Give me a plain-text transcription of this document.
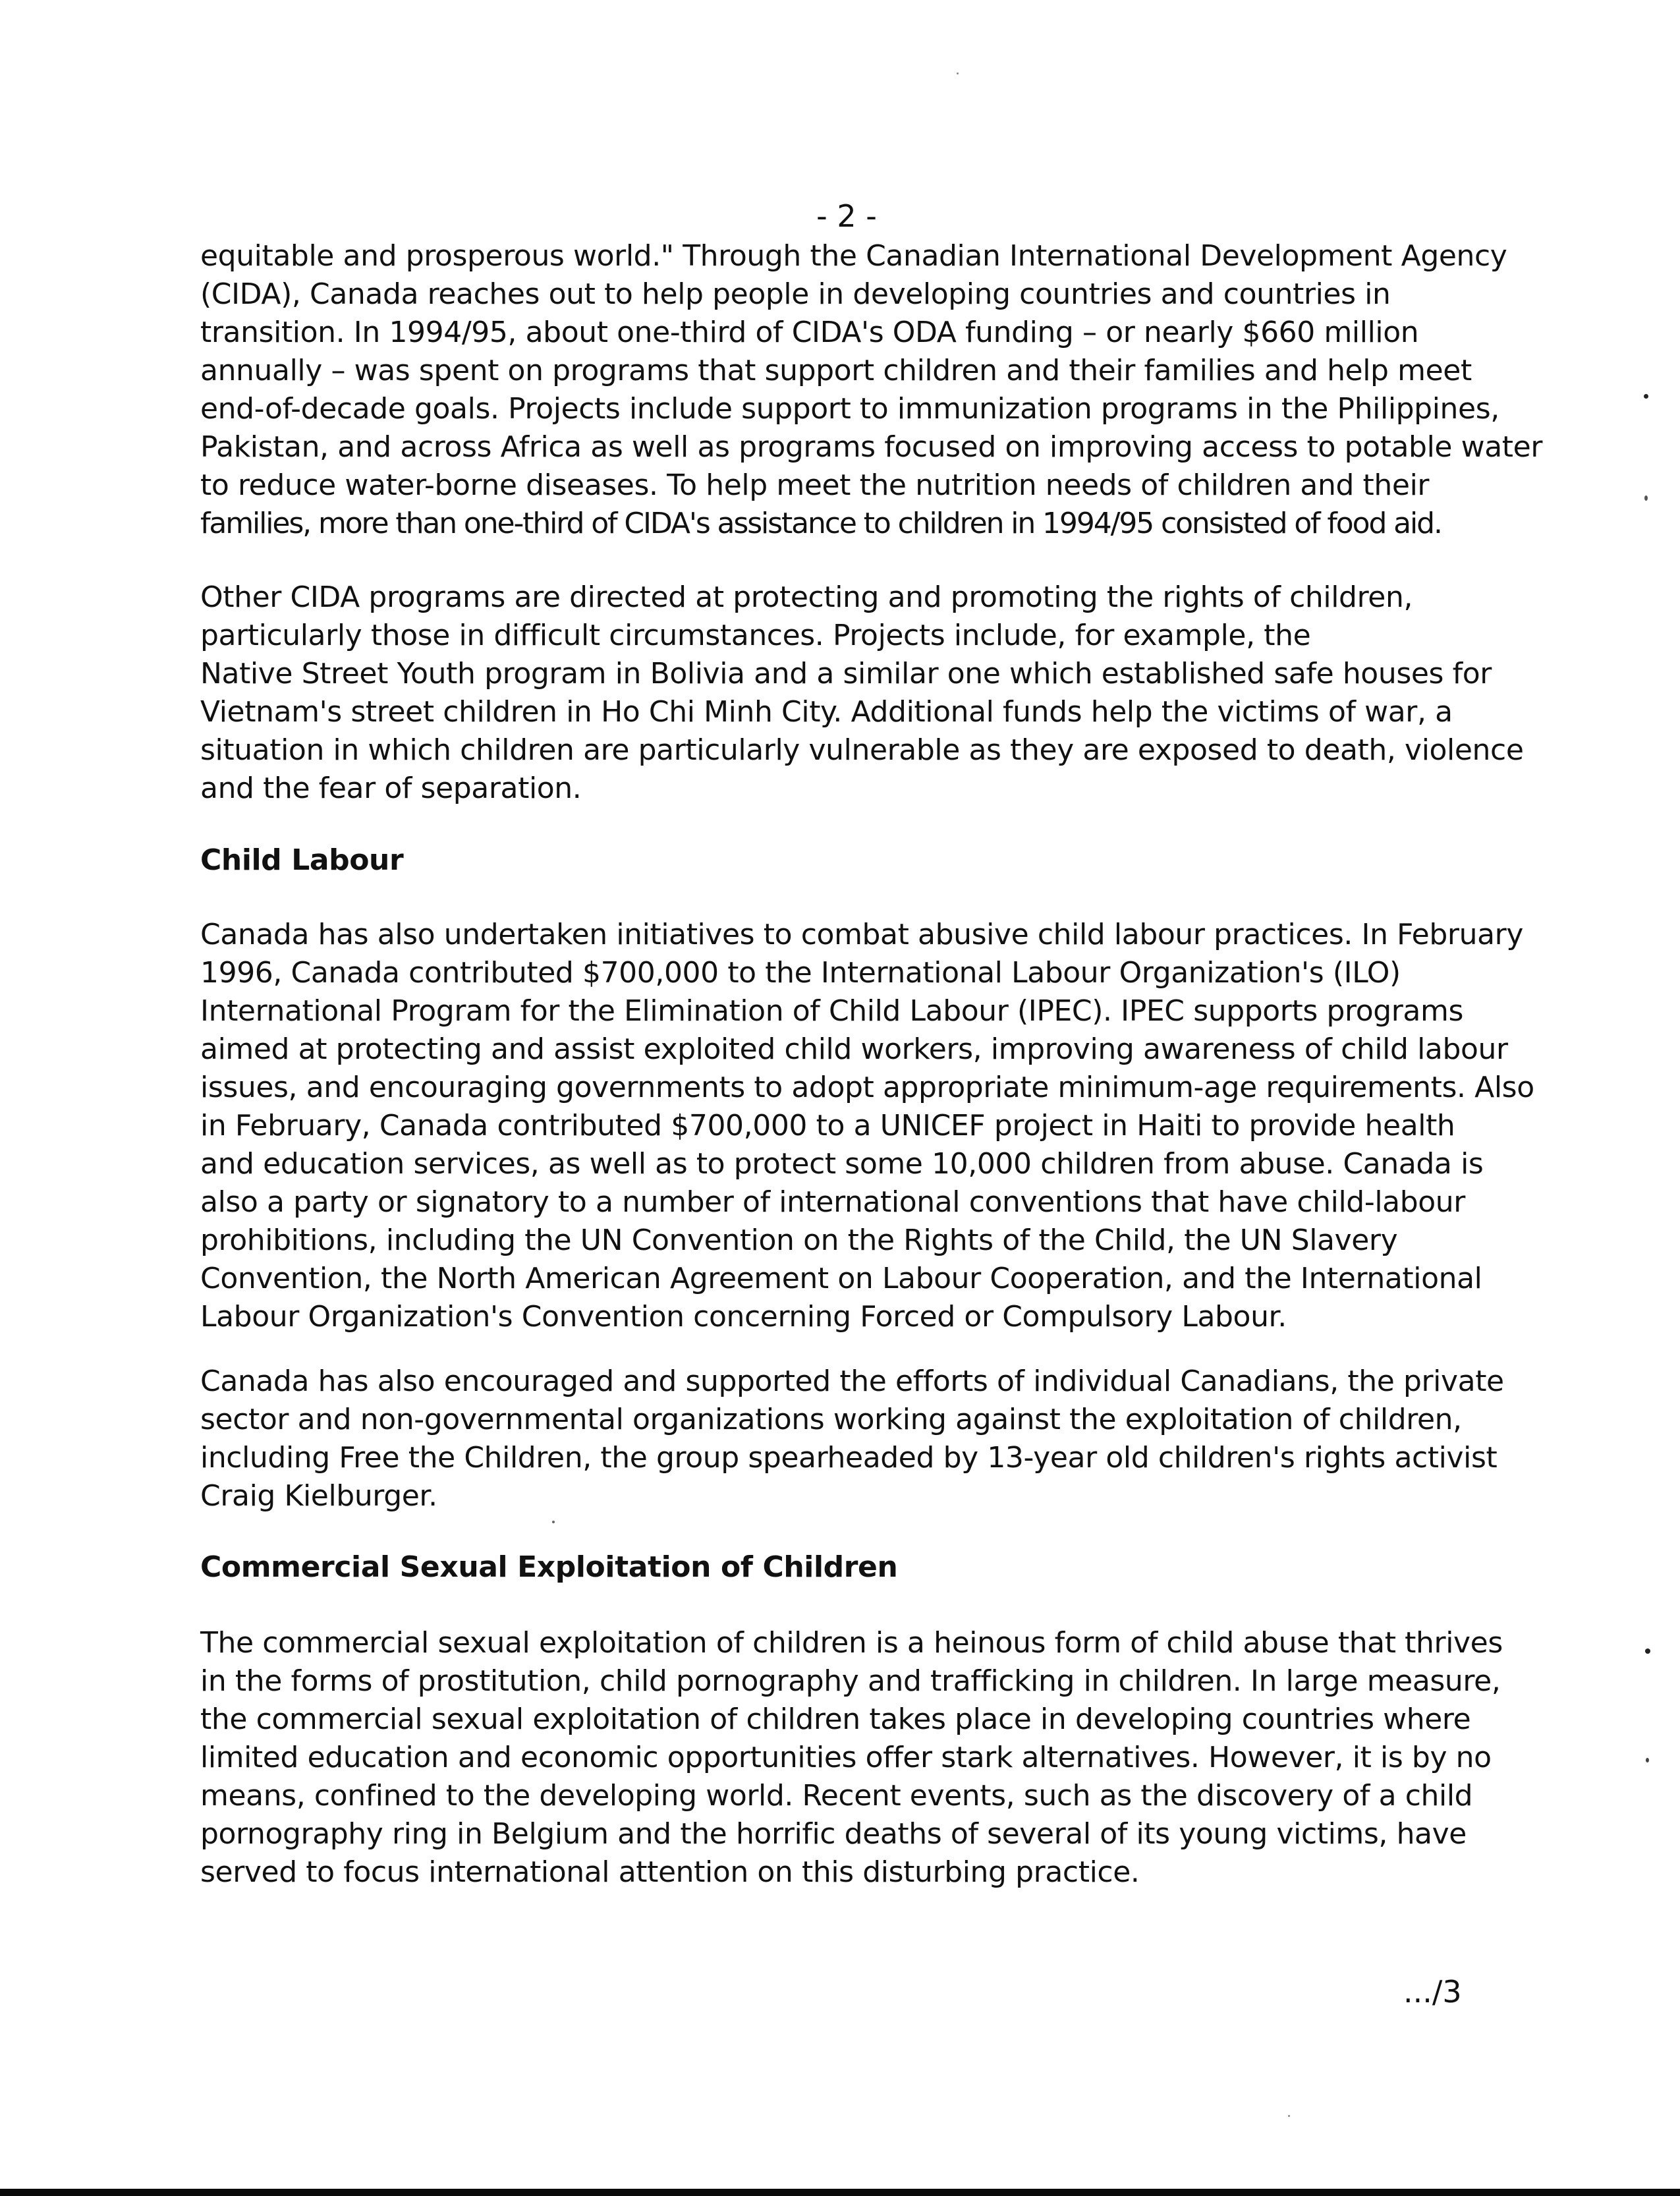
- 2 -

equitable and prosperous world." Through the Canadian International Development Agency
(CIDA), Canada reaches out to help people in developing countries and countries in
transition. In 1994/95, about one-third of CIDA's ODA funding – or nearly $660 million
annually – was spent on programs that support children and their families and help meet
end-of-decade goals. Projects include support to immunization programs in the Philippines,
Pakistan, and across Africa as well as programs focused on improving access to potable water
to reduce water-borne diseases. To help meet the nutrition needs of children and their
families, more than one-third of CIDA's assistance to children in 1994/95 consisted of food aid.

Other CIDA programs are directed at protecting and promoting the rights of children,
particularly those in difficult circumstances. Projects include, for example, the
Native Street Youth program in Bolivia and a similar one which established safe houses for
Vietnam's street children in Ho Chi Minh City. Additional funds help the victims of war, a
situation in which children are particularly vulnerable as they are exposed to death, violence
and the fear of separation.

Child Labour

Canada has also undertaken initiatives to combat abusive child labour practices. In February
1996, Canada contributed $700,000 to the International Labour Organization's (ILO)
International Program for the Elimination of Child Labour (IPEC). IPEC supports programs
aimed at protecting and assist exploited child workers, improving awareness of child labour
issues, and encouraging governments to adopt appropriate minimum-age requirements. Also
in February, Canada contributed $700,000 to a UNICEF project in Haiti to provide health
and education services, as well as to protect some 10,000 children from abuse. Canada is
also a party or signatory to a number of international conventions that have child-labour
prohibitions, including the UN Convention on the Rights of the Child, the UN Slavery
Convention, the North American Agreement on Labour Cooperation, and the International
Labour Organization's Convention concerning Forced or Compulsory Labour.

Canada has also encouraged and supported the efforts of individual Canadians, the private
sector and non-governmental organizations working against the exploitation of children,
including Free the Children, the group spearheaded by 13-year old children's rights activist
Craig Kielburger.

Commercial Sexual Exploitation of Children

The commercial sexual exploitation of children is a heinous form of child abuse that thrives
in the forms of prostitution, child pornography and trafficking in children. In large measure,
the commercial sexual exploitation of children takes place in developing countries where
limited education and economic opportunities offer stark alternatives. However, it is by no
means, confined to the developing world. Recent events, such as the discovery of a child
pornography ring in Belgium and the horrific deaths of several of its young victims, have
served to focus international attention on this disturbing practice.

.../3
